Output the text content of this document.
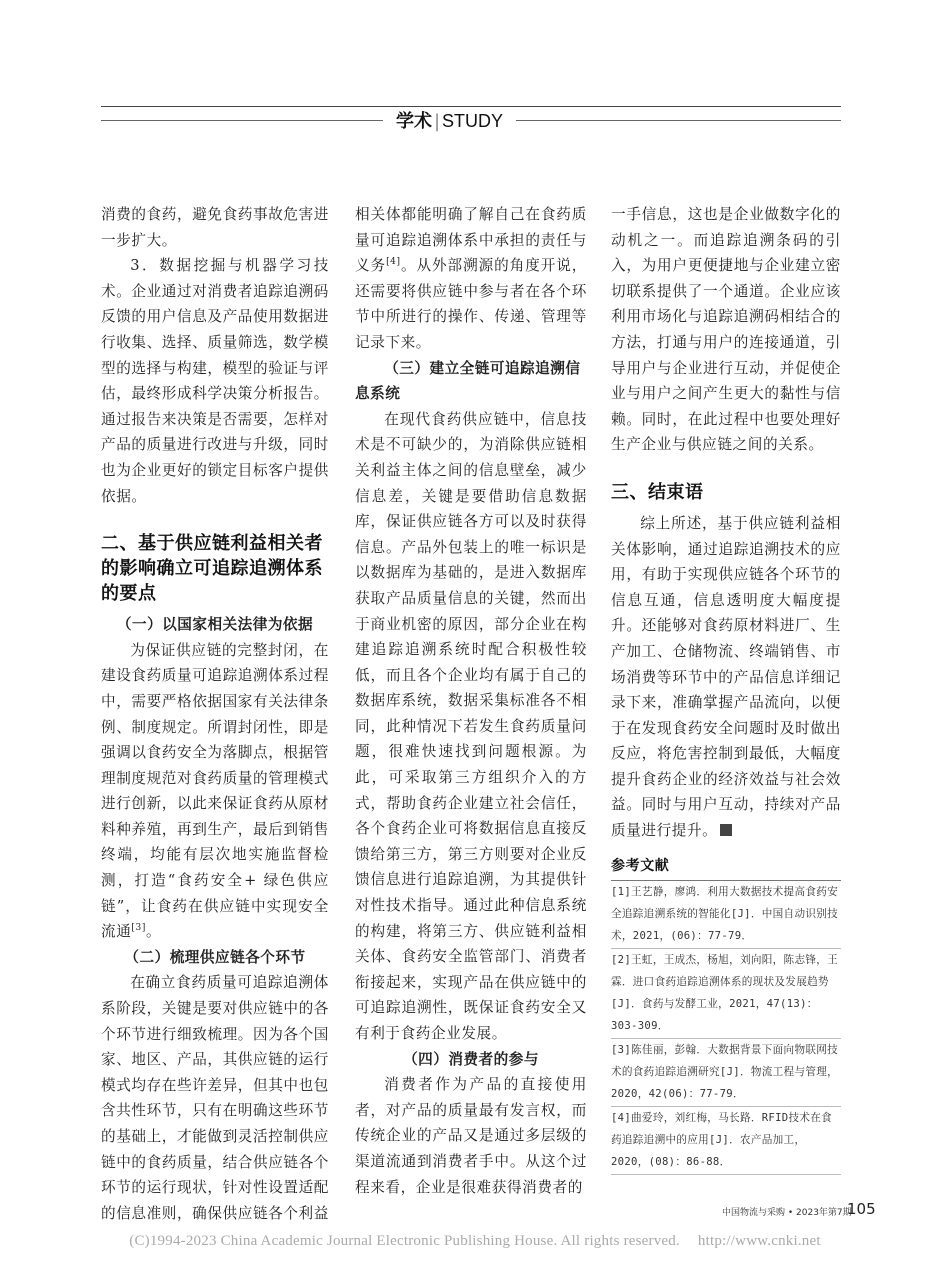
学术 | STUDY

消费的食药，避免食药事故危害进一步扩大。

3．数据挖掘与机器学习技术。企业通过对消费者追踪追溯码反馈的用户信息及产品使用数据进行收集、选择、质量筛选，数学模型的选择与构建，模型的验证与评估，最终形成科学决策分析报告。通过报告来决策是否需要，怎样对产品的质量进行改进与升级，同时也为企业更好的锁定目标客户提供依据。

二、基于供应链利益相关者的影响确立可追踪追溯体系的要点
（一）以国家相关法律为依据

为保证供应链的完整封闭，在建设食药质量可追踪追溯体系过程中，需要严格依据国家有关法律条例、制度规定。所谓封闭性，即是强调以食药安全为落脚点，根据管理制度规范对食药质量的管理模式进行创新，以此来保证食药从原材料种养殖，再到生产，最后到销售终端，均能有层次地实施监督检测，打造“食药安全+ 绿色供应链”，让食药在供应链中实现安全流通[3]。

（二）梳理供应链各个环节

在确立食药质量可追踪追溯体系阶段，关键是要对供应链中的各个环节进行细致梳理。因为各个国家、地区、产品，其供应链的运行模式均存在些许差异，但其中也包含共性环节，只有在明确这些环节的基础上，才能做到灵活控制供应链中的食药质量，结合供应链各个环节的运行现状，针对性设置适配的信息准则，确保供应链各个利益

相关体都能明确了解自己在食药质量可追踪追溯体系中承担的责任与义务[4]。从外部溯源的角度开说，还需要将供应链中参与者在各个环节中所进行的操作、传递、管理等记录下来。

（三）建立全链可追踪追溯信息系统

在现代食药供应链中，信息技术是不可缺少的，为消除供应链相关利益主体之间的信息壁垒，减少信息差，关键是要借助信息数据库，保证供应链各方可以及时获得信息。产品外包装上的唯一标识是以数据库为基础的，是进入数据库获取产品质量信息的关键，然而出于商业机密的原因，部分企业在构建追踪追溯系统时配合积极性较低，而且各个企业均有属于自己的数据库系统，数据采集标准各不相同，此种情况下若发生食药质量问题，很难快速找到问题根源。为此，可采取第三方组织介入的方式，帮助食药企业建立社会信任，各个食药企业可将数据信息直接反馈给第三方，第三方则要对企业反馈信息进行追踪追溯，为其提供针对性技术指导。通过此种信息系统的构建，将第三方、供应链利益相关体、食药安全监管部门、消费者衔接起来，实现产品在供应链中的可追踪追溯性，既保证食药安全又有利于食药企业发展。

（四）消费者的参与

消费者作为产品的直接使用者，对产品的质量最有发言权，而传统企业的产品又是通过多层级的渠道流通到消费者手中。从这个过程来看，企业是很难获得消费者的

一手信息，这也是企业做数字化的动机之一。而追踪追溯条码的引入，为用户更便捷地与企业建立密切联系提供了一个通道。企业应该利用市场化与追踪追溯码相结合的方法，打通与用户的连接通道，引导用户与企业进行互动，并促使企业与用户之间产生更大的黏性与信赖。同时，在此过程中也要处理好生产企业与供应链之间的关系。

三、结束语

综上所述，基于供应链利益相关体影响，通过追踪追溯技术的应用，有助于实现供应链各个环节的信息互通，信息透明度大幅度提升。还能够对食药原材料进厂、生产加工、仓储物流、终端销售、市场消费等环节中的产品信息详细记录下来，准确掌握产品流向，以便于在发现食药安全问题时及时做出反应，将危害控制到最低，大幅度提升食药企业的经济效益与社会效益。同时与用户互动，持续对产品质量进行提升。

参考文献
[1]王艺静，廖鸿．利用大数据技术提高食药安全追踪追溯系统的智能化[J]．中国自动识别技术，2021，(06)：77-79．
[2]王虹，王成杰，杨旭，刘向阳，陈志锋，王霖．进口食药追踪追溯体系的现状及发展趋势[J]．食药与发酵工业，2021，47(13)：303-309．
[3]陈佳丽，彭翰．大数据背景下面向物联网技术的食药追踪追溯研究[J]．物流工程与管理，2020，42(06)：77-79．
[4]曲爱玲，刘红梅，马长路．RFID技术在食药追踪追溯中的应用[J]．农产品加工，2020，(08)：86-88．
中国物流与采购 • 2023年第7期
105
(C)1994-2023 China Academic Journal Electronic Publishing House. All rights reserved. http://www.cnki.net
